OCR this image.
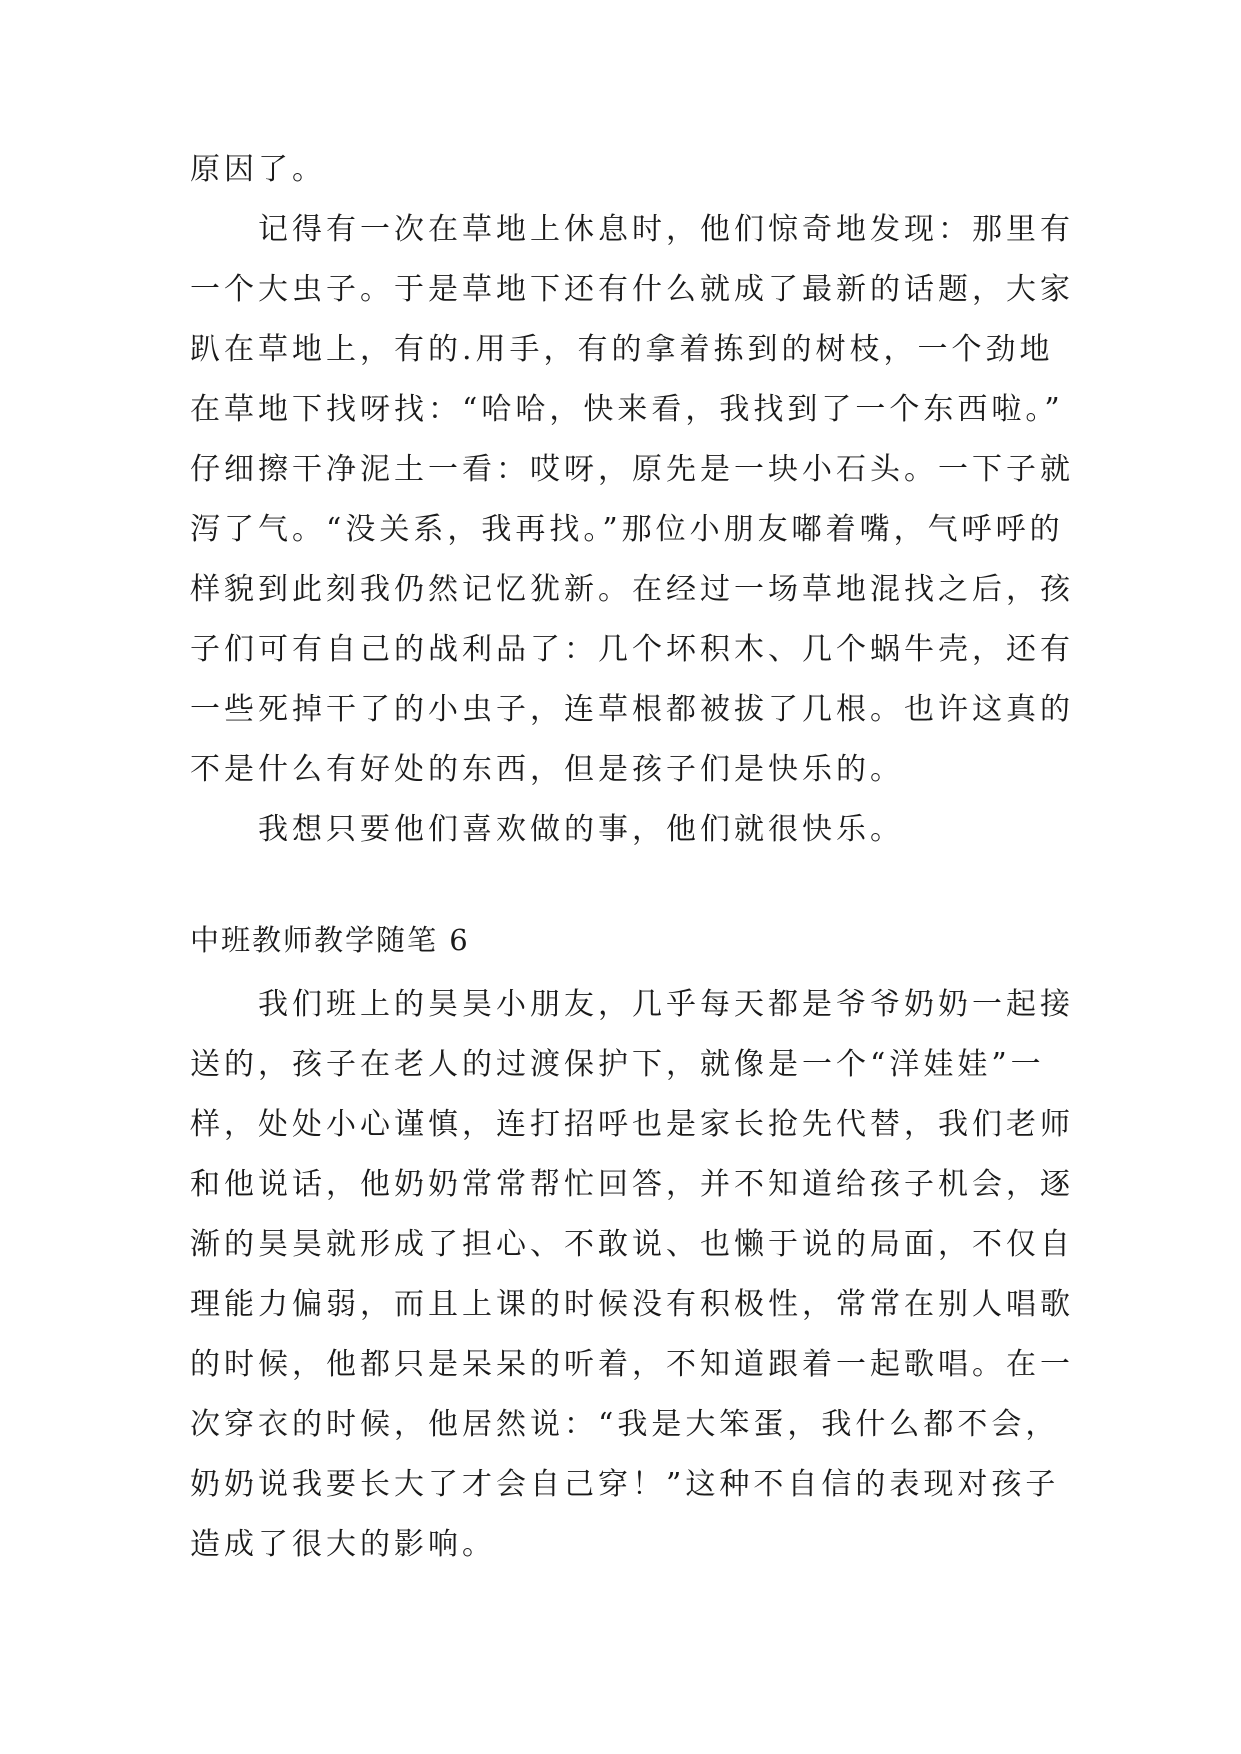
原因了。
记得有一次在草地上休息时，他们惊奇地发现：那里有
一个大虫子。于是草地下还有什么就成了最新的话题，大家
趴在草地上，有的.用手，有的拿着拣到的树枝，一个劲地
在草地下找呀找：“哈哈，快来看，我找到了一个东西啦。”
仔细擦干净泥土一看：哎呀，原先是一块小石头。一下子就
泻了气。“没关系，我再找。”那位小朋友嘟着嘴，气呼呼的
样貌到此刻我仍然记忆犹新。在经过一场草地混找之后，孩
子们可有自己的战利品了：几个坏积木、几个蜗牛壳，还有
一些死掉干了的小虫子，连草根都被拔了几根。也许这真的
不是什么有好处的东西，但是孩子们是快乐的。
我想只要他们喜欢做的事，他们就很快乐。
中班教师教学随笔 6
我们班上的昊昊小朋友，几乎每天都是爷爷奶奶一起接
送的，孩子在老人的过渡保护下，就像是一个“洋娃娃”一
样，处处小心谨慎，连打招呼也是家长抢先代替，我们老师
和他说话，他奶奶常常帮忙回答，并不知道给孩子机会，逐
渐的昊昊就形成了担心、不敢说、也懒于说的局面，不仅自
理能力偏弱，而且上课的时候没有积极性，常常在别人唱歌
的时候，他都只是呆呆的听着，不知道跟着一起歌唱。在一
次穿衣的时候，他居然说：“我是大笨蛋，我什么都不会，
奶奶说我要长大了才会自己穿！”这种不自信的表现对孩子
造成了很大的影响。
